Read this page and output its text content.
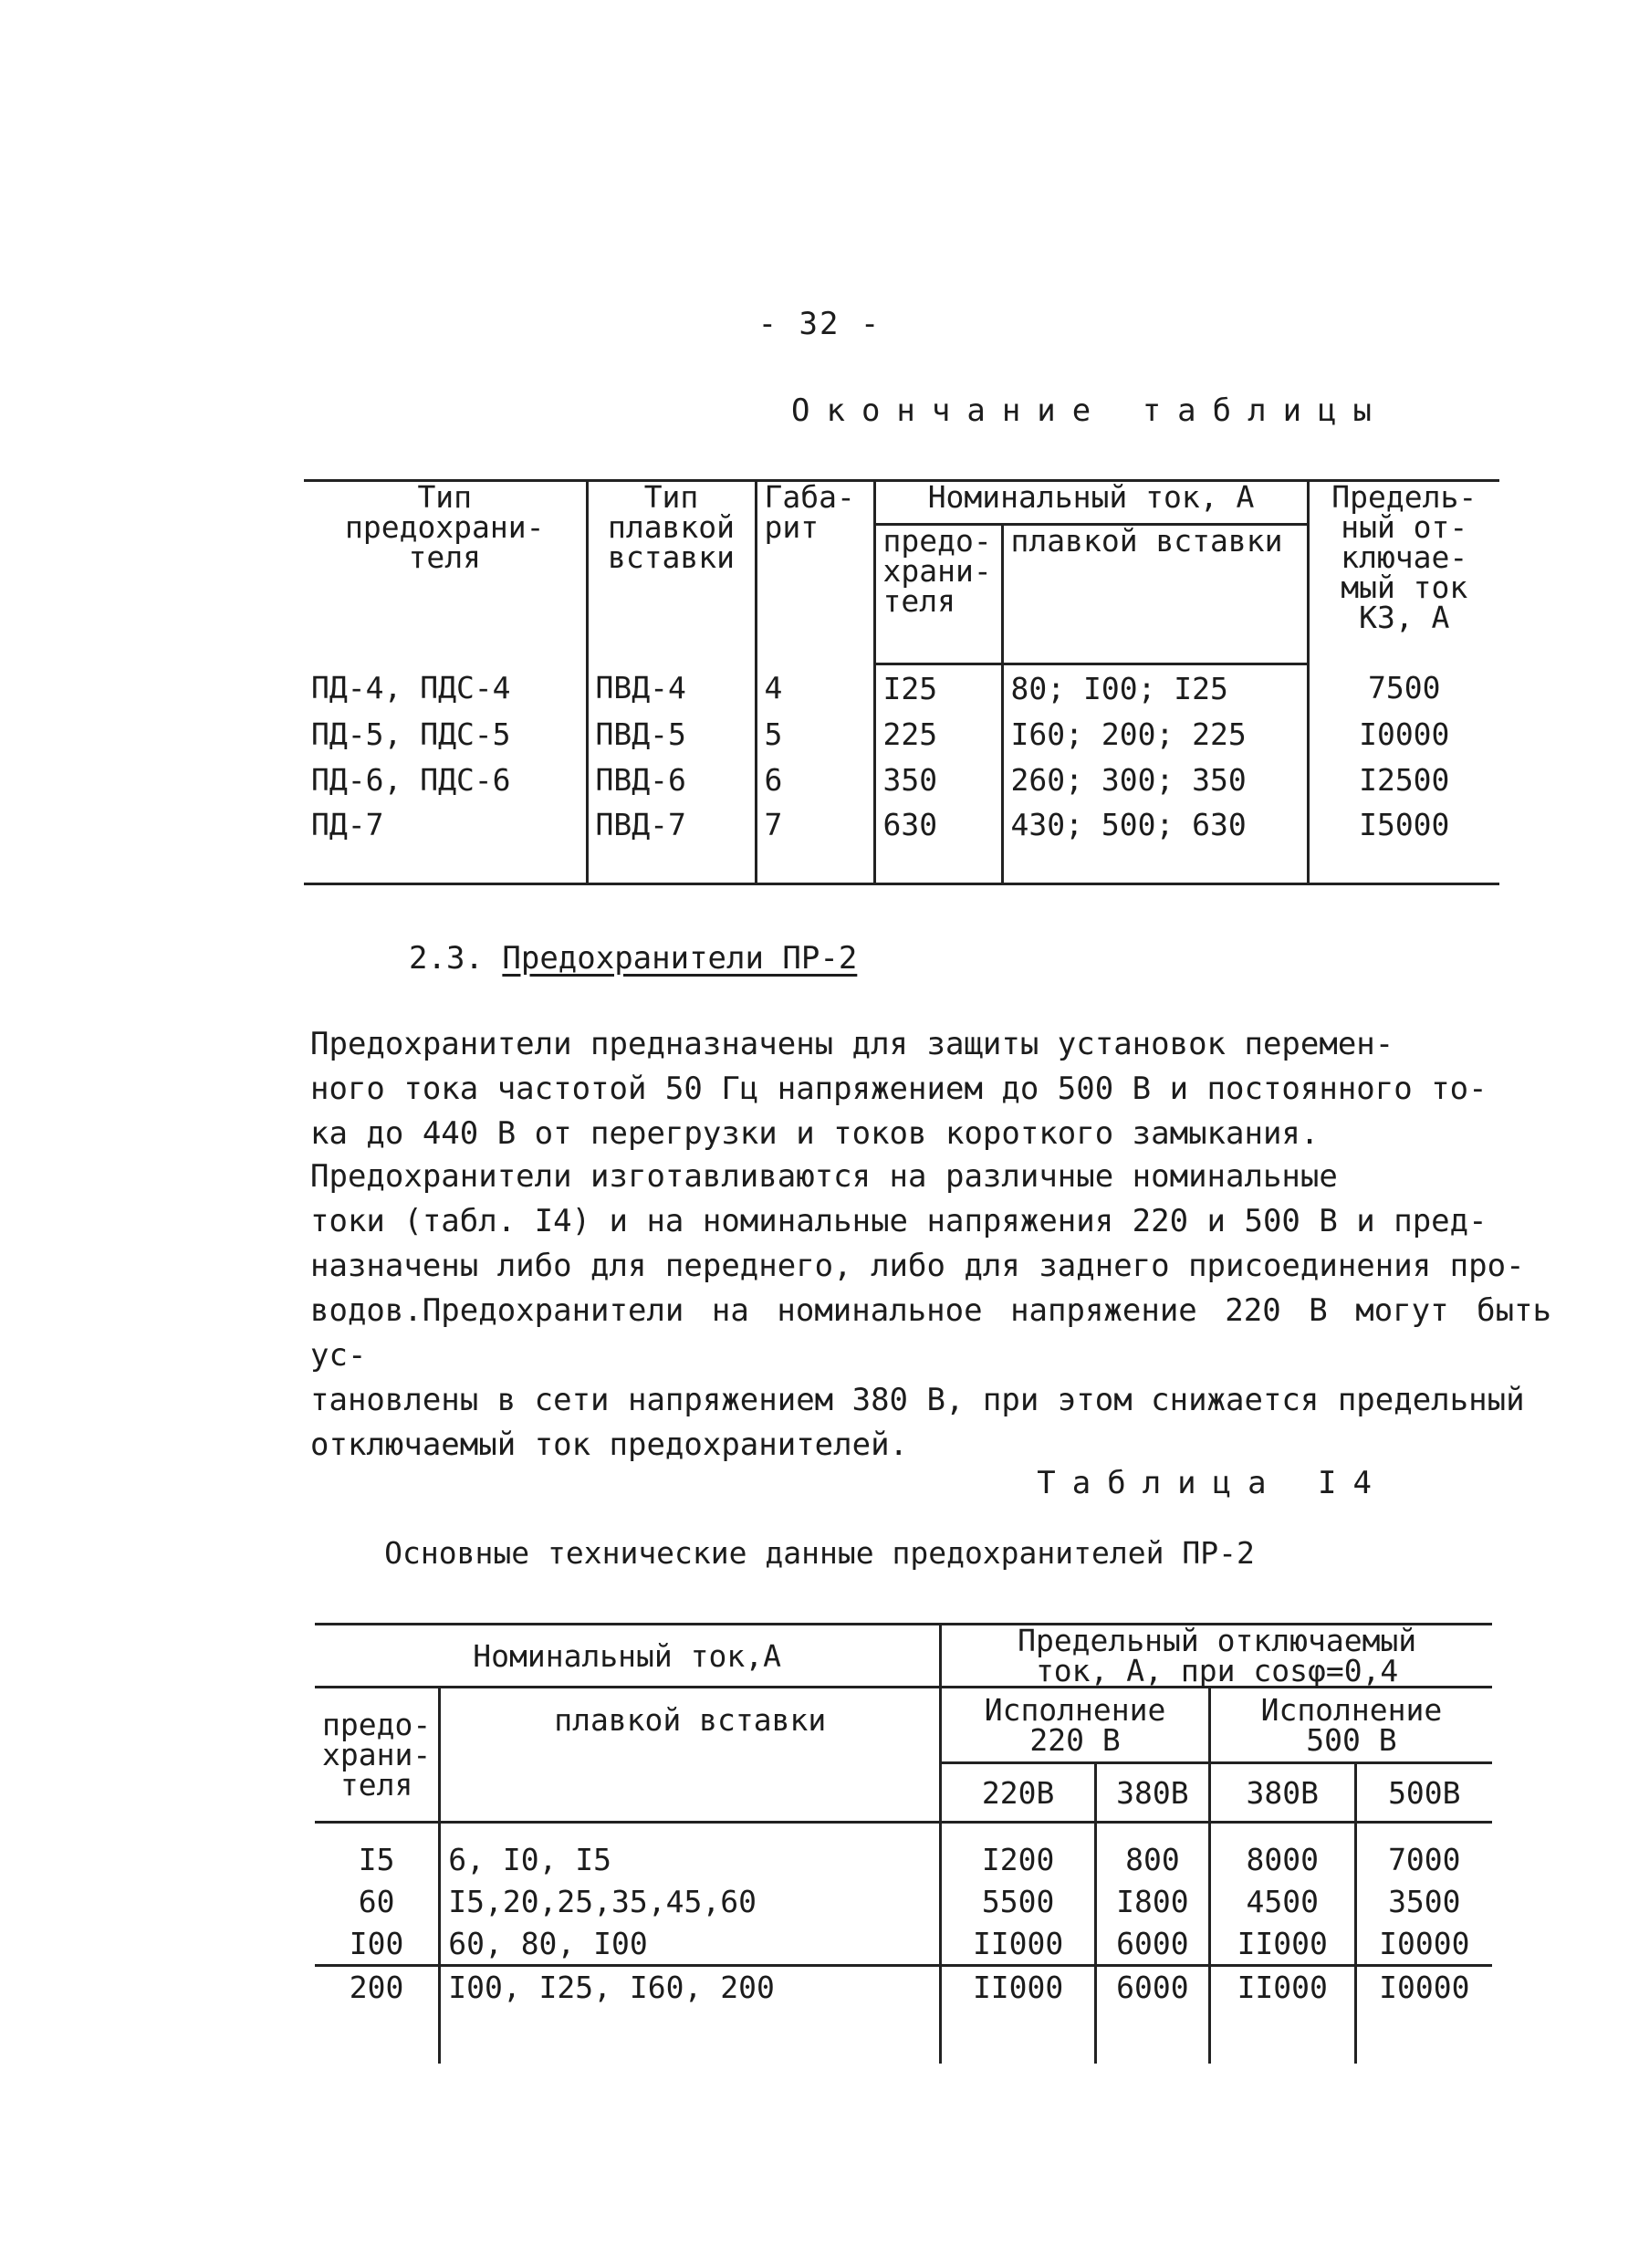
- 32 -
Окончание таблицы
Тип предохрани-
теля	Тип
плавкой
вставки	Габа-
рит	Номинальный ток, А		Предель-
ный от-
ключае-
мый ток
КЗ, А
			предо-
храни-
теля	плавкой вставки	
ПД-4, ПДС-4	ПВД-4	4	I25	80; I00; I25	7500
ПД-5, ПДС-5	ПВД-5	5	225	I60; 200; 225	I0000
ПД-6, ПДС-6	ПВД-6	6	350	260; 300; 350	I2500
ПД-7	ПВД-7	7	630	430; 500; 630	I5000
2.3. Предохранители ПР-2
Предохранители предназначены для защиты установок перемен-
ного тока частотой 50 Гц напряжением до 500 В и постоянного то-
ка до 440 В от перегрузки и токов короткого замыкания.
Предохранители изготавливаются на различные номинальные
токи (табл. I4) и на номинальные напряжения 220 и 500 В и пред-
назначены либо для переднего, либо для заднего присоединения про-
водов.Предохранители на номинальное напряжение 220 В могут быть ус-
тановлены в сети напряжением 380 В, при этом снижается предельный
отключаемый ток предохранителей.
Таблица I4
Основные технические данные предохранителей ПР-2
Номинальный ток,А		Предельный отключаемый
ток, А, при cosφ=0,4			
предо-
храни-
теля	плавкой вставки	Исполнение
220 В		Исполнение
500 В	
		220В	380В	380В	500В
I5	6, I0, I5	I200	800	8000	7000
60	I5,20,25,35,45,60	5500	I800	4500	3500
I00	60, 80, I00	II000	6000	II000	I0000
200	I00, I25, I60, 200	II000	6000	II000	I0000
